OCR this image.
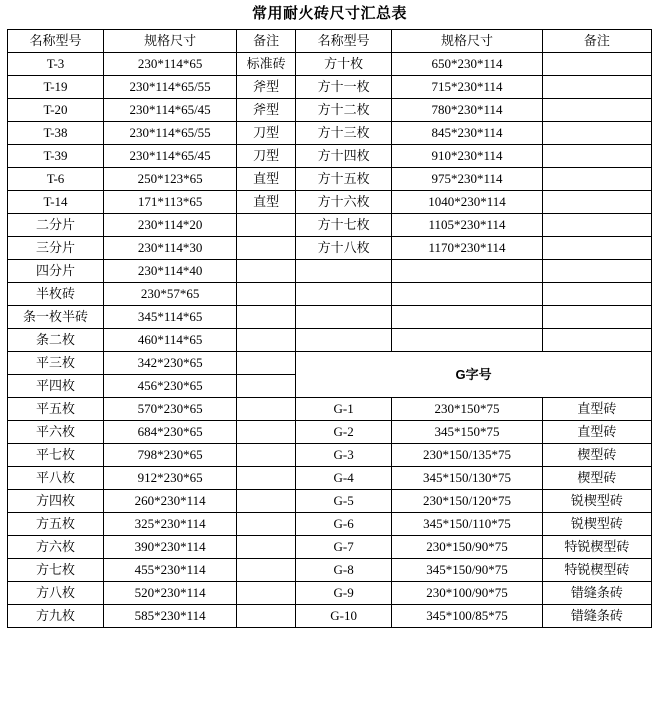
常用耐火砖尺寸汇总表
名称型号	规格尺寸	备注	名称型号	规格尺寸	备注
T-3	230*114*65	标准砖	方十枚	650*230*114	
T-19	230*114*65/55	斧型	方十一枚	715*230*114	
T-20	230*114*65/45	斧型	方十二枚	780*230*114	
T-38	230*114*65/55	刀型	方十三枚	845*230*114	
T-39	230*114*65/45	刀型	方十四枚	910*230*114	
T-6	250*123*65	直型	方十五枚	975*230*114	
T-14	171*113*65	直型	方十六枚	1040*230*114	
二分片	230*114*20		方十七枚	1105*230*114	
三分片	230*114*30		方十八枚	1170*230*114	
四分片	230*114*40				
半枚砖	230*57*65				
条一枚半砖	345*114*65				
条二枚	460*114*65				
平三枚	342*230*65		G字号		
平四枚	456*230*65				
平五枚	570*230*65		G-1	230*150*75	直型砖
平六枚	684*230*65		G-2	345*150*75	直型砖
平七枚	798*230*65		G-3	230*150/135*75	楔型砖
平八枚	912*230*65		G-4	345*150/130*75	楔型砖
方四枚	260*230*114		G-5	230*150/120*75	锐楔型砖
方五枚	325*230*114		G-6	345*150/110*75	锐楔型砖
方六枚	390*230*114		G-7	230*150/90*75	特锐楔型砖
方七枚	455*230*114		G-8	345*150/90*75	特锐楔型砖
方八枚	520*230*114		G-9	230*100/90*75	错缝条砖
方九枚	585*230*114		G-10	345*100/85*75	错缝条砖
